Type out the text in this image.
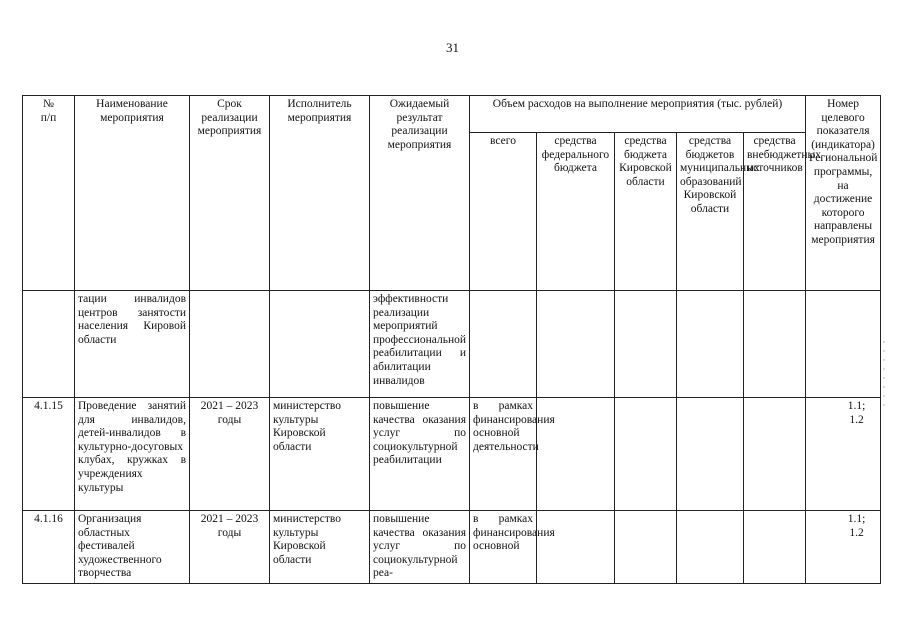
31
№
п/п	Наименование мероприятия	Срок реализации мероприятия	Исполнитель мероприятия	Ожидаемый результат реализации мероприятия	Объем расходов на выполнение мероприятия (тыс. рублей)					Номер целевого показателя (индикатора) Региональной программы, на достижение которого направлены мероприятия
					всего	средства федерального бюджета	средства бюджета Кировской области	средства бюджетов муниципальных образований Кировской области	средства внебюджетных источников	
	тации инвалидов центров занятости населения Кировой области			эффективности реализации мероприятий профессиональной реабилитации и абилитации инвалидов						
4.1.15	Проведение занятий для инвалидов, детей-инвалидов в культурно-досуговых клубах, кружках в учреждениях культуры	2021 – 2023 годы	министерство культуры Кировской области	повышение качества оказания услуг по социокультурной реабилитации	в рамках финансирования основной деятельности					1.1;
1.2
4.1.16	Организация областных фестивалей художественного творчества	2021 – 2023 годы	министерство культуры Кировской области	повышение качества оказания услуг по социокультурной реа-	в рамках финансирования основной					1.1;
1.2
·
·
·
·
·
·
·
·
